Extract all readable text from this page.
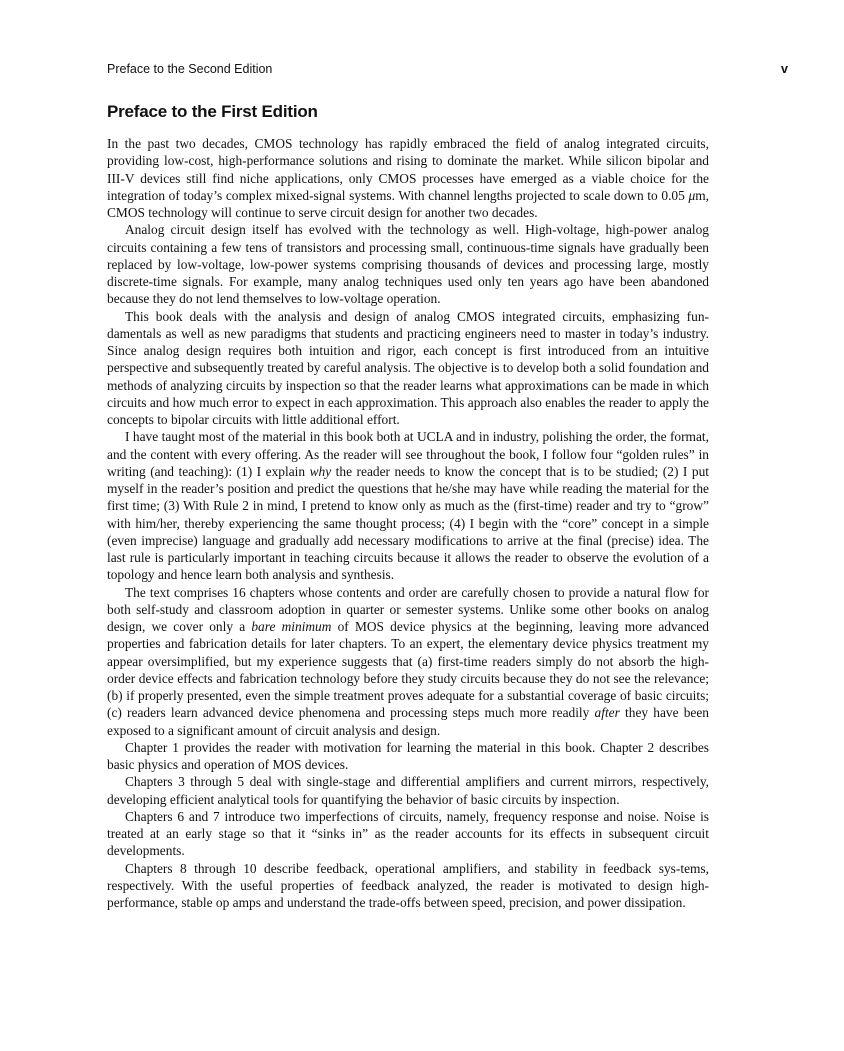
Preface to the Second Edition	v
Preface to the First Edition

In the past two decades, CMOS technology has rapidly embraced the field of analog integrated circuits, providing low-cost, high-performance solutions and rising to dominate the market. While silicon bipolar and III-V devices still find niche applications, only CMOS processes have emerged as a viable choice for the integration of today’s complex mixed-signal systems. With channel lengths projected to scale down to 0.05 μm, CMOS technology will continue to serve circuit design for another two decades.

Analog circuit design itself has evolved with the technology as well. High-voltage, high-power analog circuits containing a few tens of transistors and processing small, continuous-time signals have gradually been replaced by low-voltage, low-power systems comprising thousands of devices and processing large, mostly discrete-time signals. For example, many analog techniques used only ten years ago have been abandoned because they do not lend themselves to low-voltage operation.

This book deals with the analysis and design of analog CMOS integrated circuits, emphasizing fun-damentals as well as new paradigms that students and practicing engineers need to master in today’s industry. Since analog design requires both intuition and rigor, each concept is first introduced from an intuitive perspective and subsequently treated by careful analysis. The objective is to develop both a solid foundation and methods of analyzing circuits by inspection so that the reader learns what approximations can be made in which circuits and how much error to expect in each approximation. This approach also enables the reader to apply the concepts to bipolar circuits with little additional effort.

I have taught most of the material in this book both at UCLA and in industry, polishing the order, the format, and the content with every offering. As the reader will see throughout the book, I follow four “golden rules” in writing (and teaching): (1) I explain why the reader needs to know the concept that is to be studied; (2) I put myself in the reader’s position and predict the questions that he/she may have while reading the material for the first time; (3) With Rule 2 in mind, I pretend to know only as much as the (first-time) reader and try to “grow” with him/her, thereby experiencing the same thought process; (4) I begin with the “core” concept in a simple (even imprecise) language and gradually add necessary modifications to arrive at the final (precise) idea. The last rule is particularly important in teaching circuits because it allows the reader to observe the evolution of a topology and hence learn both analysis and synthesis.

The text comprises 16 chapters whose contents and order are carefully chosen to provide a natural flow for both self-study and classroom adoption in quarter or semester systems. Unlike some other books on analog design, we cover only a bare minimum of MOS device physics at the beginning, leaving more advanced properties and fabrication details for later chapters. To an expert, the elementary device physics treatment my appear oversimplified, but my experience suggests that (a) first-time readers simply do not absorb the high-order device effects and fabrication technology before they study circuits because they do not see the relevance; (b) if properly presented, even the simple treatment proves adequate for a substantial coverage of basic circuits; (c) readers learn advanced device phenomena and processing steps much more readily after they have been exposed to a significant amount of circuit analysis and design.

Chapter 1 provides the reader with motivation for learning the material in this book. Chapter 2 describes basic physics and operation of MOS devices.

Chapters 3 through 5 deal with single-stage and differential amplifiers and current mirrors, respectively, developing efficient analytical tools for quantifying the behavior of basic circuits by inspection.

Chapters 6 and 7 introduce two imperfections of circuits, namely, frequency response and noise. Noise is treated at an early stage so that it “sinks in” as the reader accounts for its effects in subsequent circuit developments.

Chapters 8 through 10 describe feedback, operational amplifiers, and stability in feedback sys-tems, respectively. With the useful properties of feedback analyzed, the reader is motivated to design high-performance, stable op amps and understand the trade-offs between speed, precision, and power dissipation.
